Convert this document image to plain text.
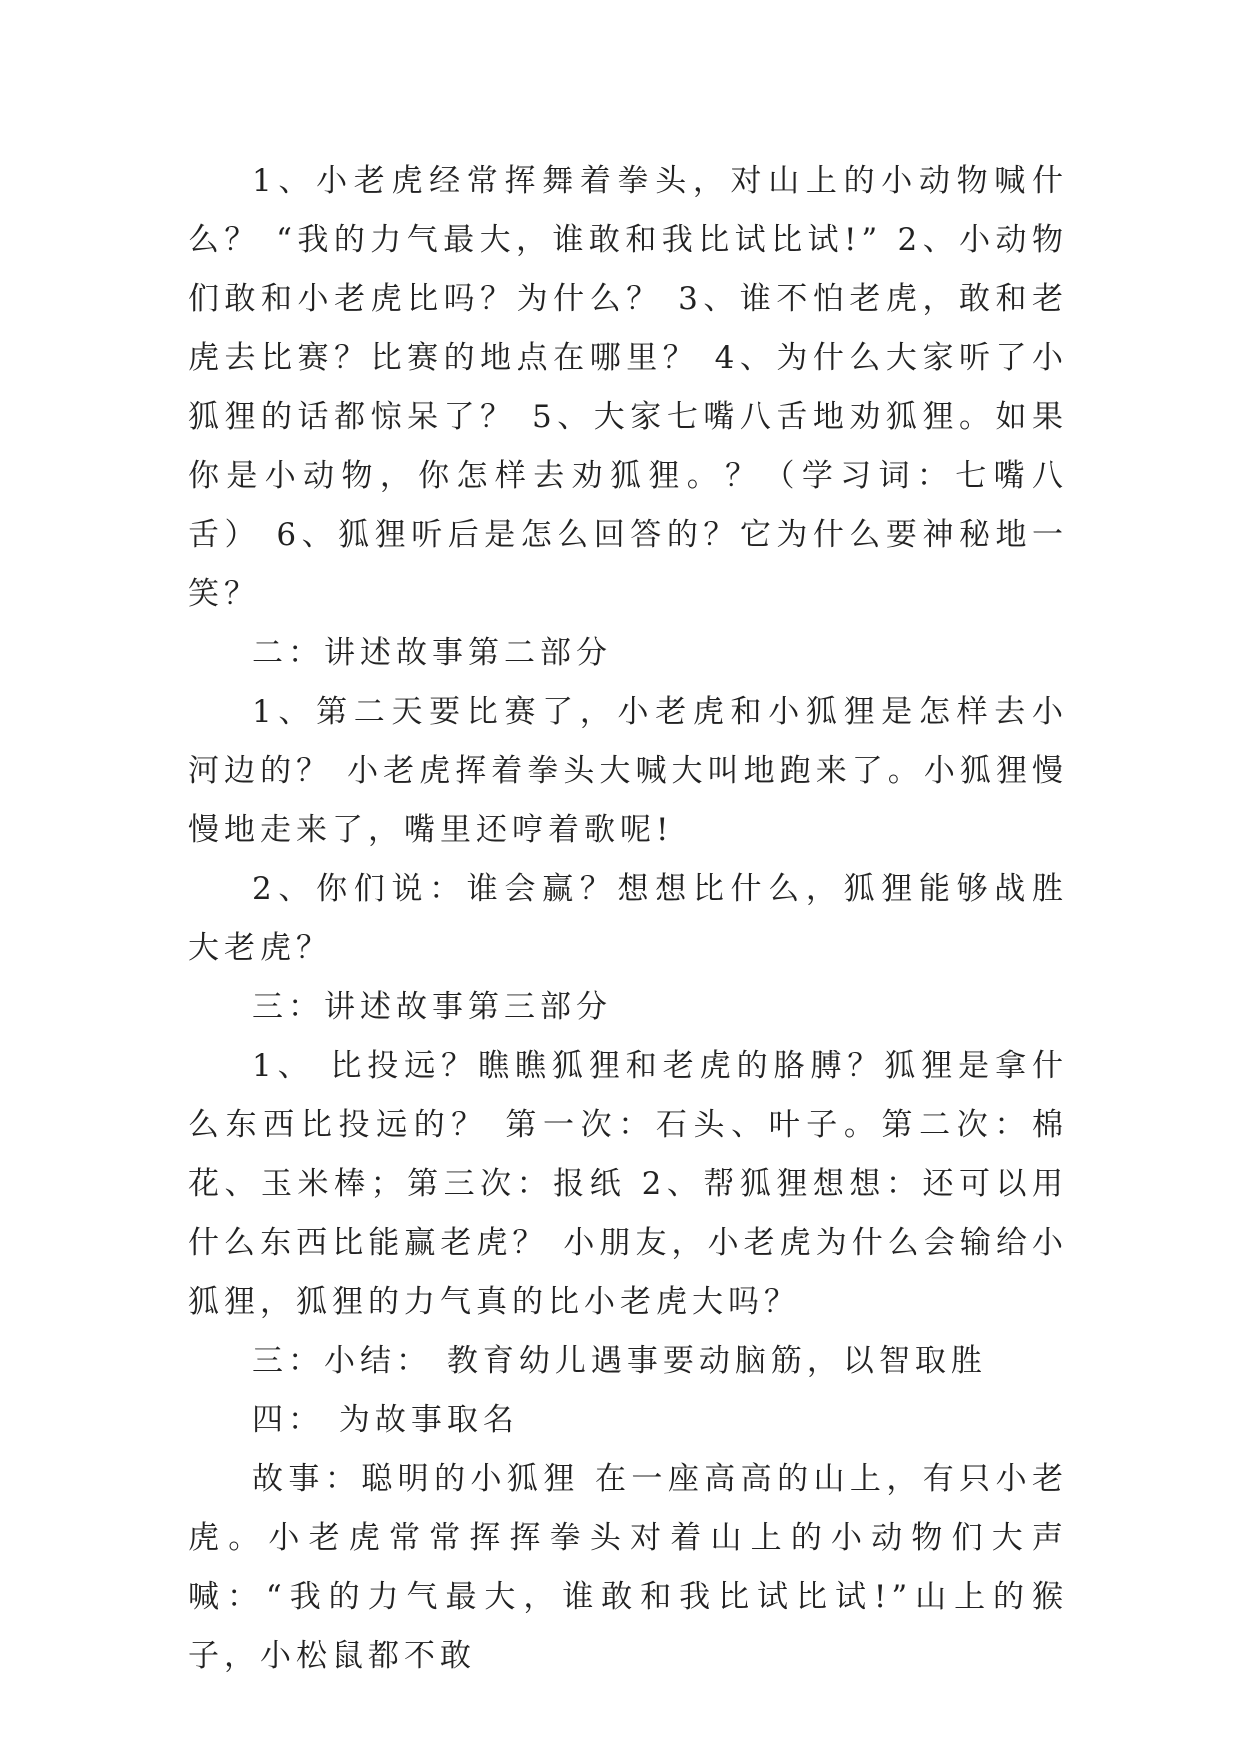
1、小老虎经常挥舞着拳头，对山上的小动物喊什么？ “我的力气最大，谁敢和我比试比试!” 2、小动物们敢和小老虎比吗？为什么？ 3、谁不怕老虎，敢和老虎去比赛？比赛的地点在哪里？ 4、为什么大家听了小狐狸的话都惊呆了？ 5、大家七嘴八舌地劝狐狸。如果你是小动物，你怎样去劝狐狸。？（学习词：七嘴八舌） 6、狐狸听后是怎么回答的？它为什么要神秘地一笑？

二：讲述故事第二部分

1、第二天要比赛了，小老虎和小狐狸是怎样去小河边的？ 小老虎挥着拳头大喊大叫地跑来了。小狐狸慢慢地走来了，嘴里还哼着歌呢!

2、你们说：谁会赢？想想比什么，狐狸能够战胜大老虎？

三：讲述故事第三部分

1、 比投远？瞧瞧狐狸和老虎的胳膊？狐狸是拿什么东西比投远的？ 第一次：石头、叶子。第二次：棉花、玉米棒；第三次：报纸 2、帮狐狸想想：还可以用什么东西比能赢老虎？ 小朋友，小老虎为什么会输给小狐狸，狐狸的力气真的比小老虎大吗？

三：小结： 教育幼儿遇事要动脑筋，以智取胜

四： 为故事取名

故事：聪明的小狐狸 在一座高高的山上，有只小老虎。小老虎常常挥挥拳头对着山上的小动物们大声喊：“我的力气最大，谁敢和我比试比试!”山上的猴子，小松鼠都不敢
